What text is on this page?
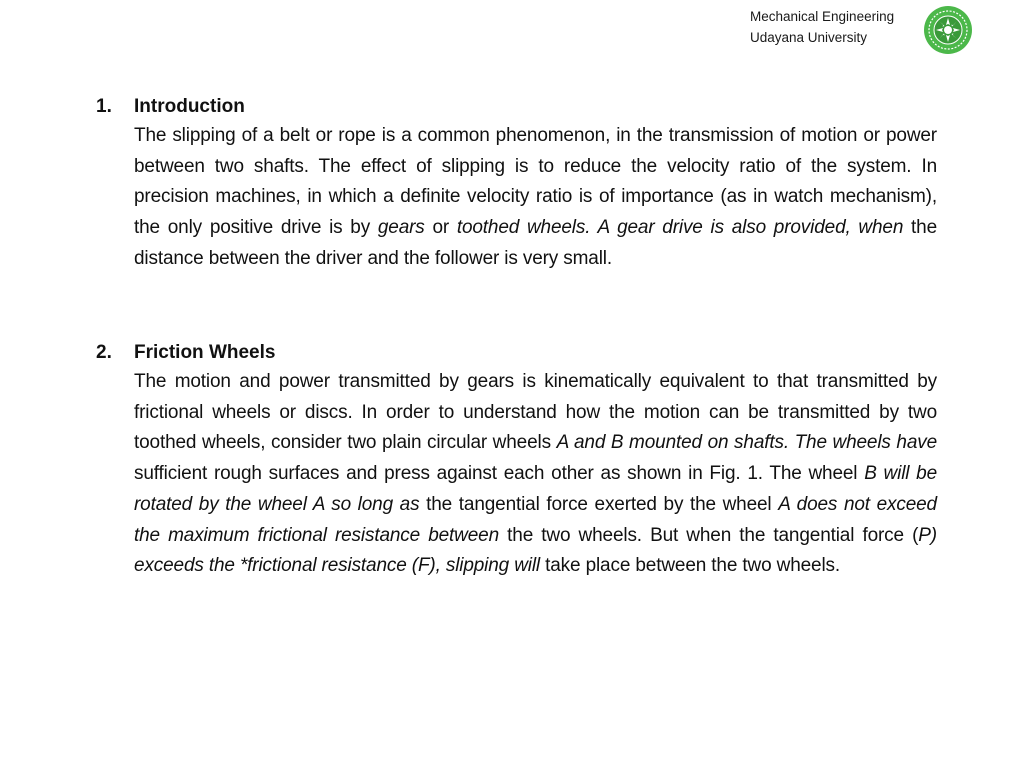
Mechanical Engineering
Udayana University
1.	Introduction
The slipping of a belt or rope is a common phenomenon, in the transmission of motion or power between two shafts. The effect of slipping is to reduce the velocity ratio of the system. In precision machines, in which a definite velocity ratio is of importance (as in watch mechanism), the only positive drive is by gears or toothed wheels. A gear drive is also provided, when the distance between the driver and the follower is very small.
2.	Friction Wheels
The motion and power transmitted by gears is kinematically equivalent to that transmitted by frictional wheels or discs. In order to understand how the motion can be transmitted by two toothed wheels, consider two plain circular wheels A and B mounted on shafts. The wheels have sufficient rough surfaces and press against each other as shown in Fig. 1. The wheel B will be rotated by the wheel A so long as the tangential force exerted by the wheel A does not exceed the maximum frictional resistance between the two wheels. But when the tangential force (P) exceeds the *frictional resistance (F), slipping will take place between the two wheels.
